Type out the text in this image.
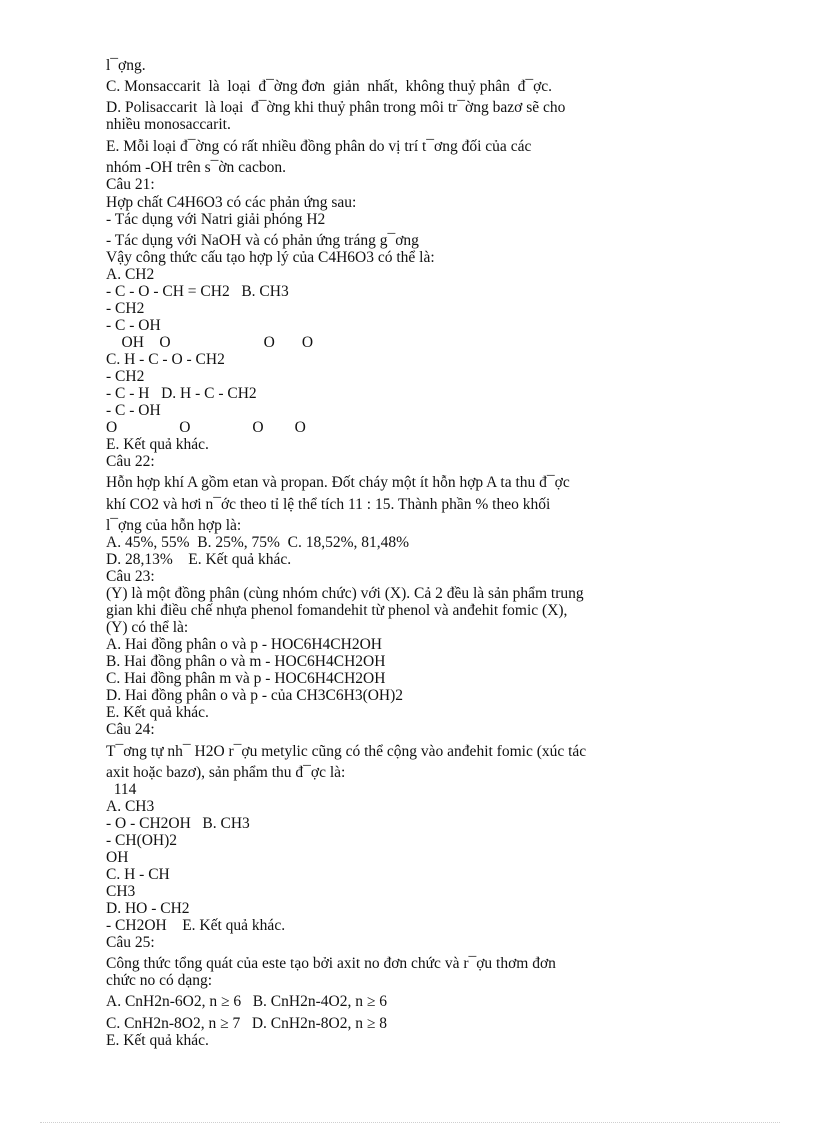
l¯ợng.
C. Monsaccarit  là  loại  đ¯ờng đơn  giản  nhất,  không thuỷ phân  đ¯ợc.
D. Polisaccarit  là loại  đ¯ờng khi thuỷ phân trong môi tr¯ờng bazơ sẽ cho
nhiều monosaccarit.
E. Mỗi loại đ¯ờng có rất nhiều đồng phân do vị trí t¯ơng đối của các
nhóm -OH trên s¯ờn cacbon.
Câu 21:
Hợp chất C4H6O3 có các phản ứng sau:
- Tác dụng với Natri giải phóng H2
- Tác dụng với NaOH và có phản ứng tráng g¯ơng
Vậy công thức cấu tạo hợp lý của C4H6O3 có thể là:
A. CH2
- C - O - CH = CH2   B. CH3
- CH2
- C - OH
OH    O                        O       O
C. H - C - O - CH2
- CH2
- C - H   D. H - C - CH2
- C - OH
O                O                O        O
E. Kết quả khác.
Câu 22:
Hỗn hợp khí A gồm etan và propan. Đốt cháy một ít hỗn hợp A ta thu đ¯ợc
khí CO2 và hơi n¯ớc theo tỉ lệ thể tích 11 : 15. Thành phần % theo khối
l¯ợng của hỗn hợp là:
A. 45%, 55%  B. 25%, 75%  C. 18,52%, 81,48%
D. 28,13%    E. Kết quả khác.
Câu 23:
(Y) là một đồng phân (cùng nhóm chức) với (X). Cả 2 đều là sản phẩm trung
gian khi điều chế nhựa phenol fomandehit từ phenol và anđehit fomic (X),
(Y) có thể là:
A. Hai đồng phân o và p - HOC6H4CH2OH
B. Hai đồng phân o và m - HOC6H4CH2OH
C. Hai đồng phân m và p - HOC6H4CH2OH
D. Hai đồng phân o và p - của CH3C6H3(OH)2
E. Kết quả khác.
Câu 24:
T¯ơng tự nh¯ H2O r¯ợu metylic cũng có thể cộng vào anđehit fomic (xúc tác
axit hoặc bazơ), sản phẩm thu đ¯ợc là:
114
A. CH3
- O - CH2OH   B. CH3
- CH(OH)2
OH
C. H - CH
CH3
D. HO - CH2
- CH2OH    E. Kết quả khác.
Câu 25:
Công thức tổng quát của este tạo bởi axit no đơn chức và r¯ợu thơm đơn
chức no có dạng:
A. CnH2n-6O2, n ≥ 6   B. CnH2n-4O2, n ≥ 6
C. CnH2n-8O2, n ≥ 7   D. CnH2n-8O2, n ≥ 8
E. Kết quả khác.
